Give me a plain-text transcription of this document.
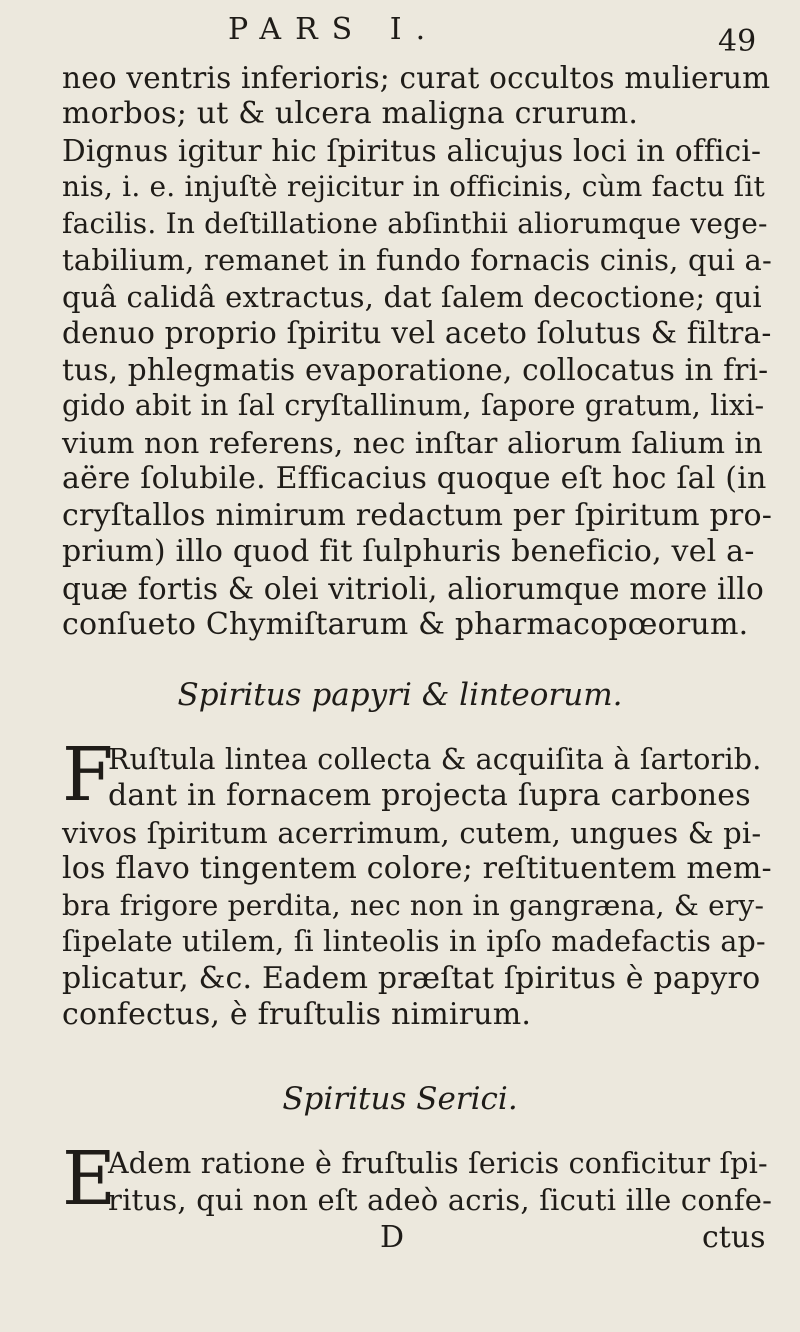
PARS I.	49
neo ventris inferioris; curat occultos mulierum
morbos; ut & ulcera maligna crurum.
Dignus igitur hic ſpiritus alicujus loci in offici-
nis, i. e. injuſtè rejicitur in officinis, cùm factu ſit
facilis. In deſtillatione abſinthii aliorumque vege-
tabilium, remanet in fundo fornacis cinis, qui a-
quâ calidâ extractus, dat ſalem decoctione; qui
denuo proprio ſpiritu vel aceto ſolutus & filtra-
tus, phlegmatis evaporatione, collocatus in fri-
gido abit in ſal cryſtallinum, ſapore gratum, lixi-
vium non referens, nec inſtar aliorum ſalium in
aëre ſolubile. Efficacius quoque eſt hoc ſal (in
cryſtallos nimirum redactum per ſpiritum pro-
prium) illo quod fit ſulphuris beneficio, vel a-
quæ fortis & olei vitrioli, aliorumque more illo
conſueto Chymiſtarum & pharmacopœorum.
Spiritus papyri & linteorum.
F
Ruſtula lintea collecta & acquiſita à ſartorib.
dant in fornacem projecta ſupra carbones
vivos ſpiritum acerrimum, cutem, ungues & pi-
los flavo tingentem colore; reſtituentem mem-
bra frigore perdita, nec non in gangræna, & ery-
ſipelate utilem, ſi linteolis in ipſo madefactis ap-
plicatur, &c. Eadem præſtat ſpiritus è papyro
confectus, è fruſtulis nimirum.
Spiritus Serici.
E
Adem ratione è fruſtulis ſericis conficitur ſpi-
ritus, qui non eſt adeò acris, ſicuti ille confe-
D	ctus
